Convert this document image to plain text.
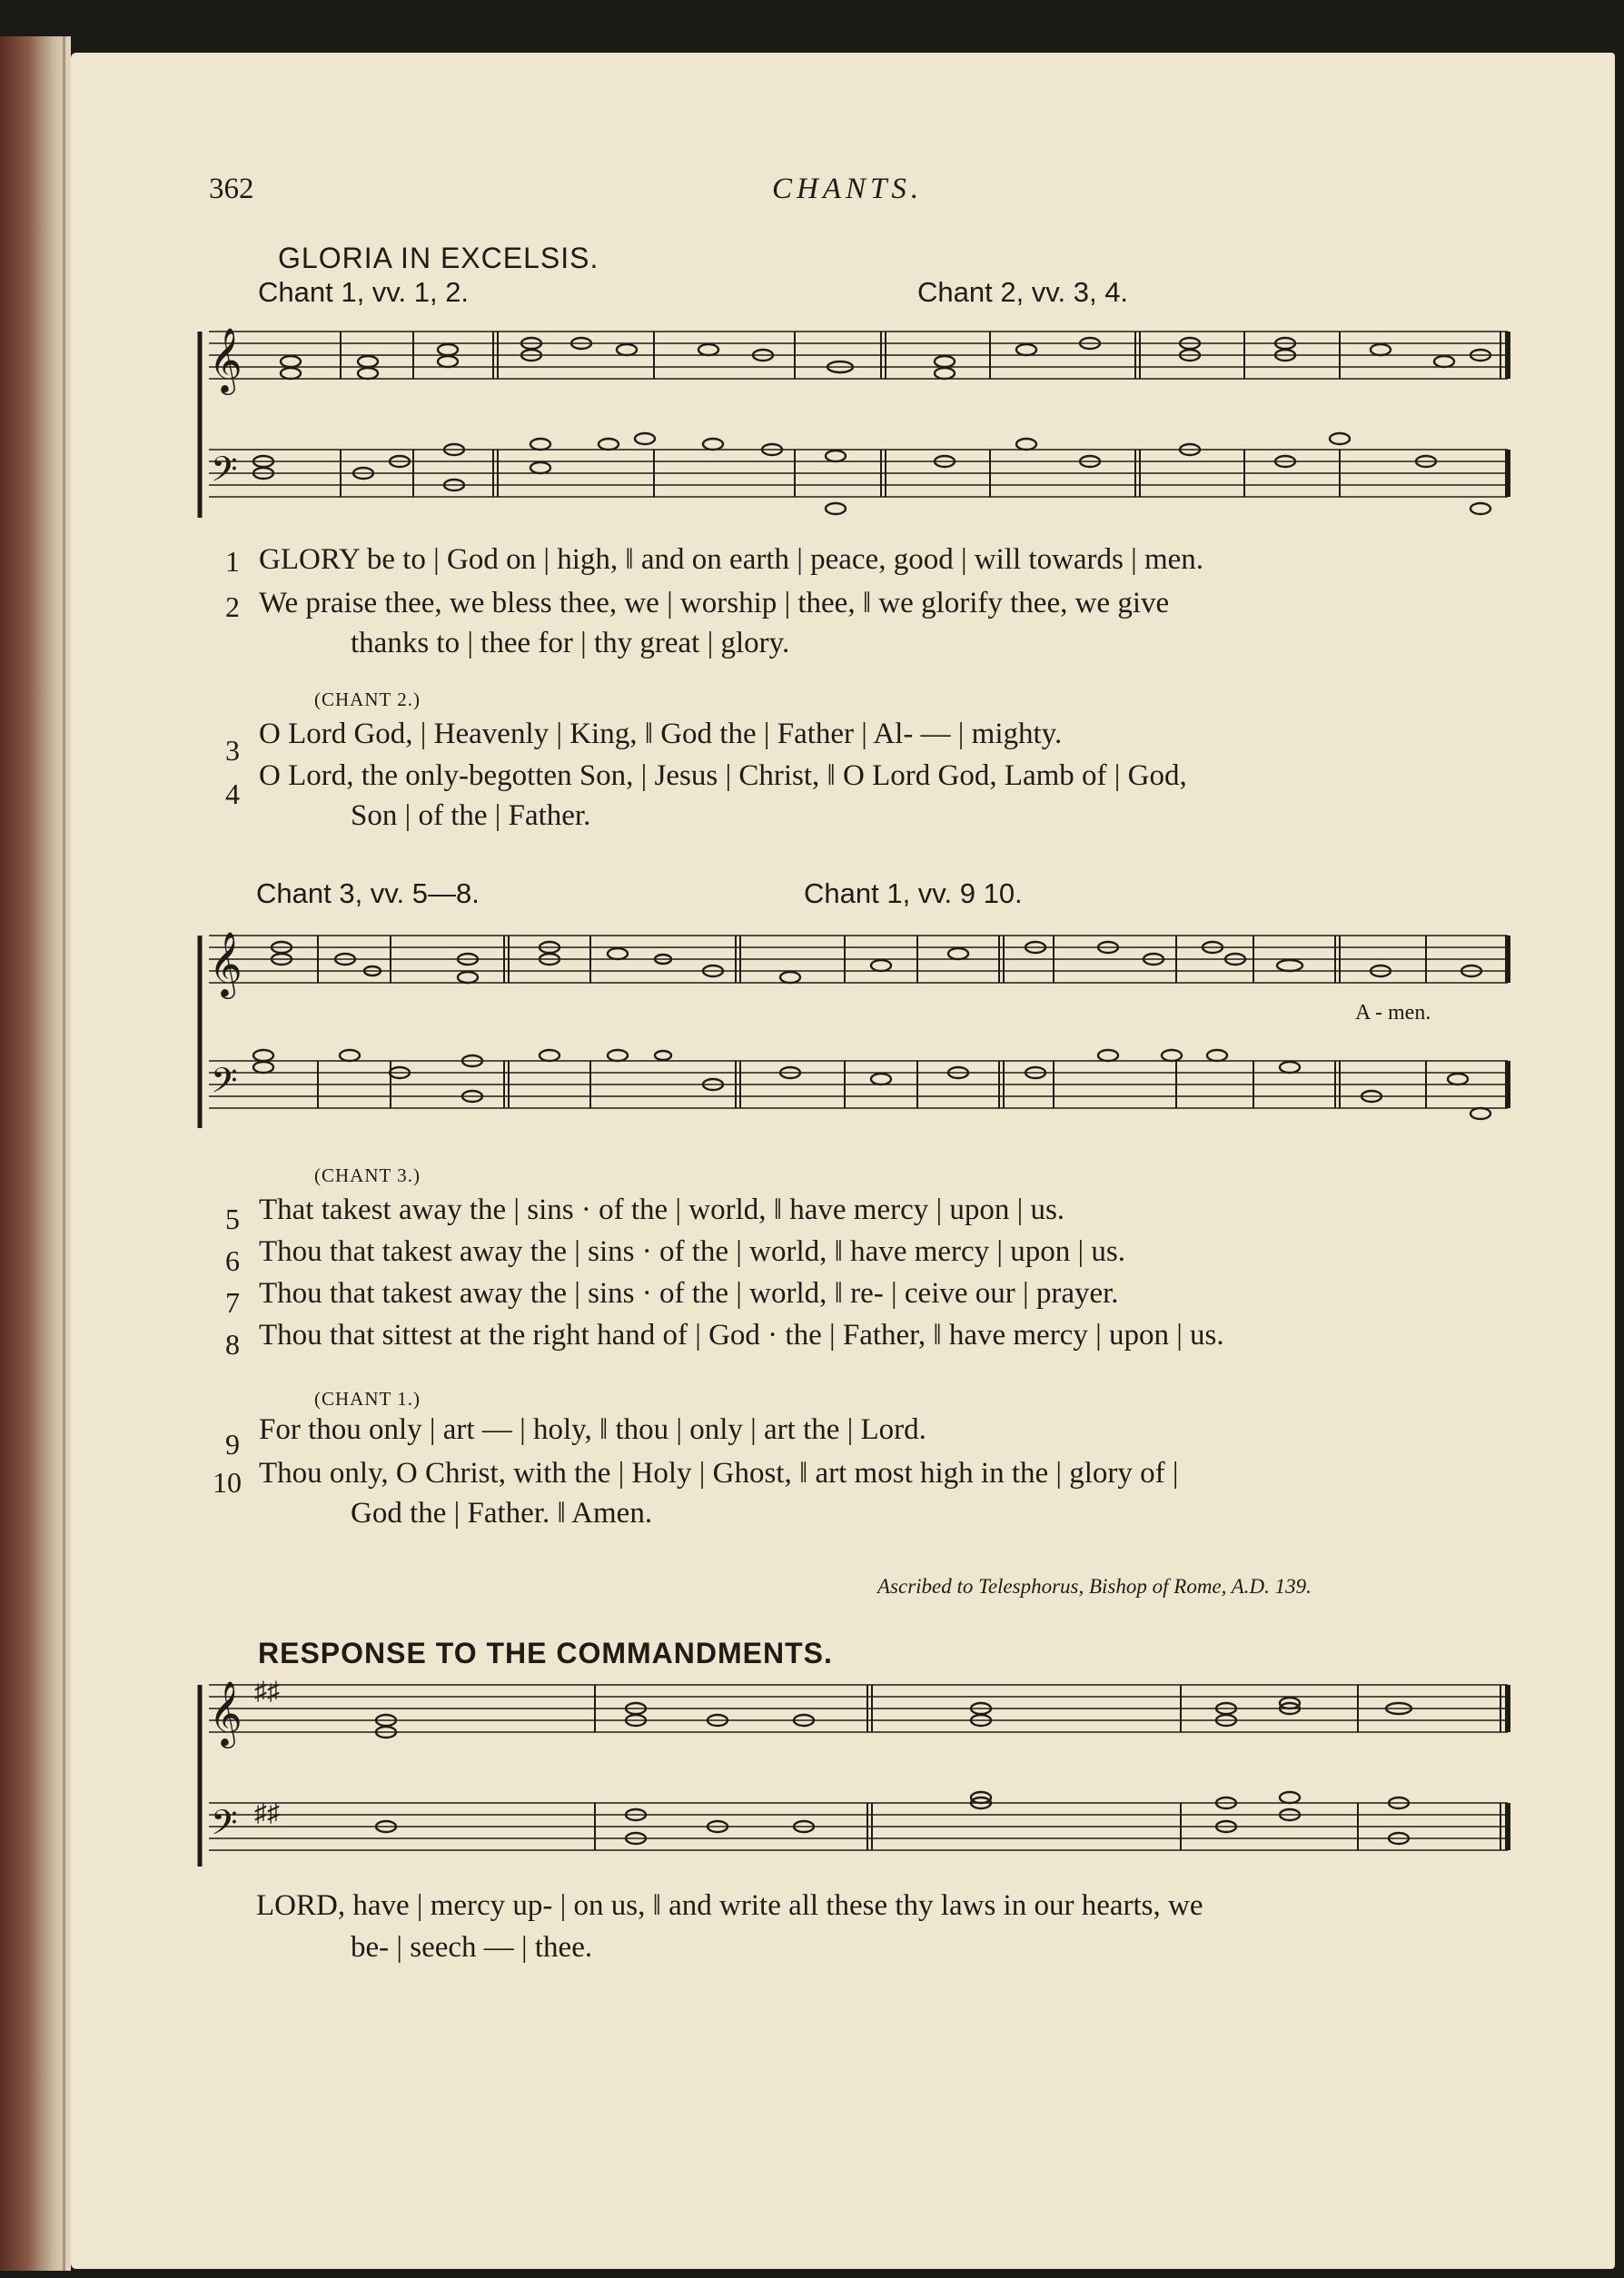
362	CHANTS.
GLORIA IN EXCELSIS.
Chant 1, vv. 1, 2.	Chant 2, vv. 3, 4.
𝄞
𝄢
1 GLORY be to | God on | high, ‖ and on earth | peace, good | will towards | men.
2 We praise thee, we bless thee, we | worship | thee, ‖ we glorify thee, we give
thanks to | thee for | thy great | glory.
(CHANT 2.)
3 O Lord God, | Heavenly | King, ‖ God the | Father | Al- — | mighty.
4
O Lord, the only-begotten Son, | Jesus | Christ, ‖ O Lord God, Lamb of | God,
Son | of the | Father.
Chant 3, vv. 5—8.	Chant 1, vv. 9 10.
𝄞
𝄢
A - men.
(CHANT 3.)
5 That takest away the | sins · of the | world, ‖ have mercy | upon | us.
6 Thou that takest away the | sins · of the | world, ‖ have mercy | upon | us.
7 Thou that takest away the | sins · of the | world, ‖ re- | ceive our | prayer.
8 Thou that sittest at the right hand of | God · the | Father, ‖ have mercy | upon | us.
(CHANT 1.)
9 For thou only | art — | holy, ‖ thou | only | art the | Lord.
10 Thou only, O Christ, with the | Holy | Ghost, ‖ art most high in the | glory of |
God the | Father. ‖ Amen.
Ascribed to Telesphorus, Bishop of Rome, A.D. 139.
RESPONSE TO THE COMMANDMENTS.
𝄞
𝄢
♯♯
♯♯
LORD, have | mercy up- | on us, ‖ and write all these thy laws in our hearts, we
be- | seech — | thee.
